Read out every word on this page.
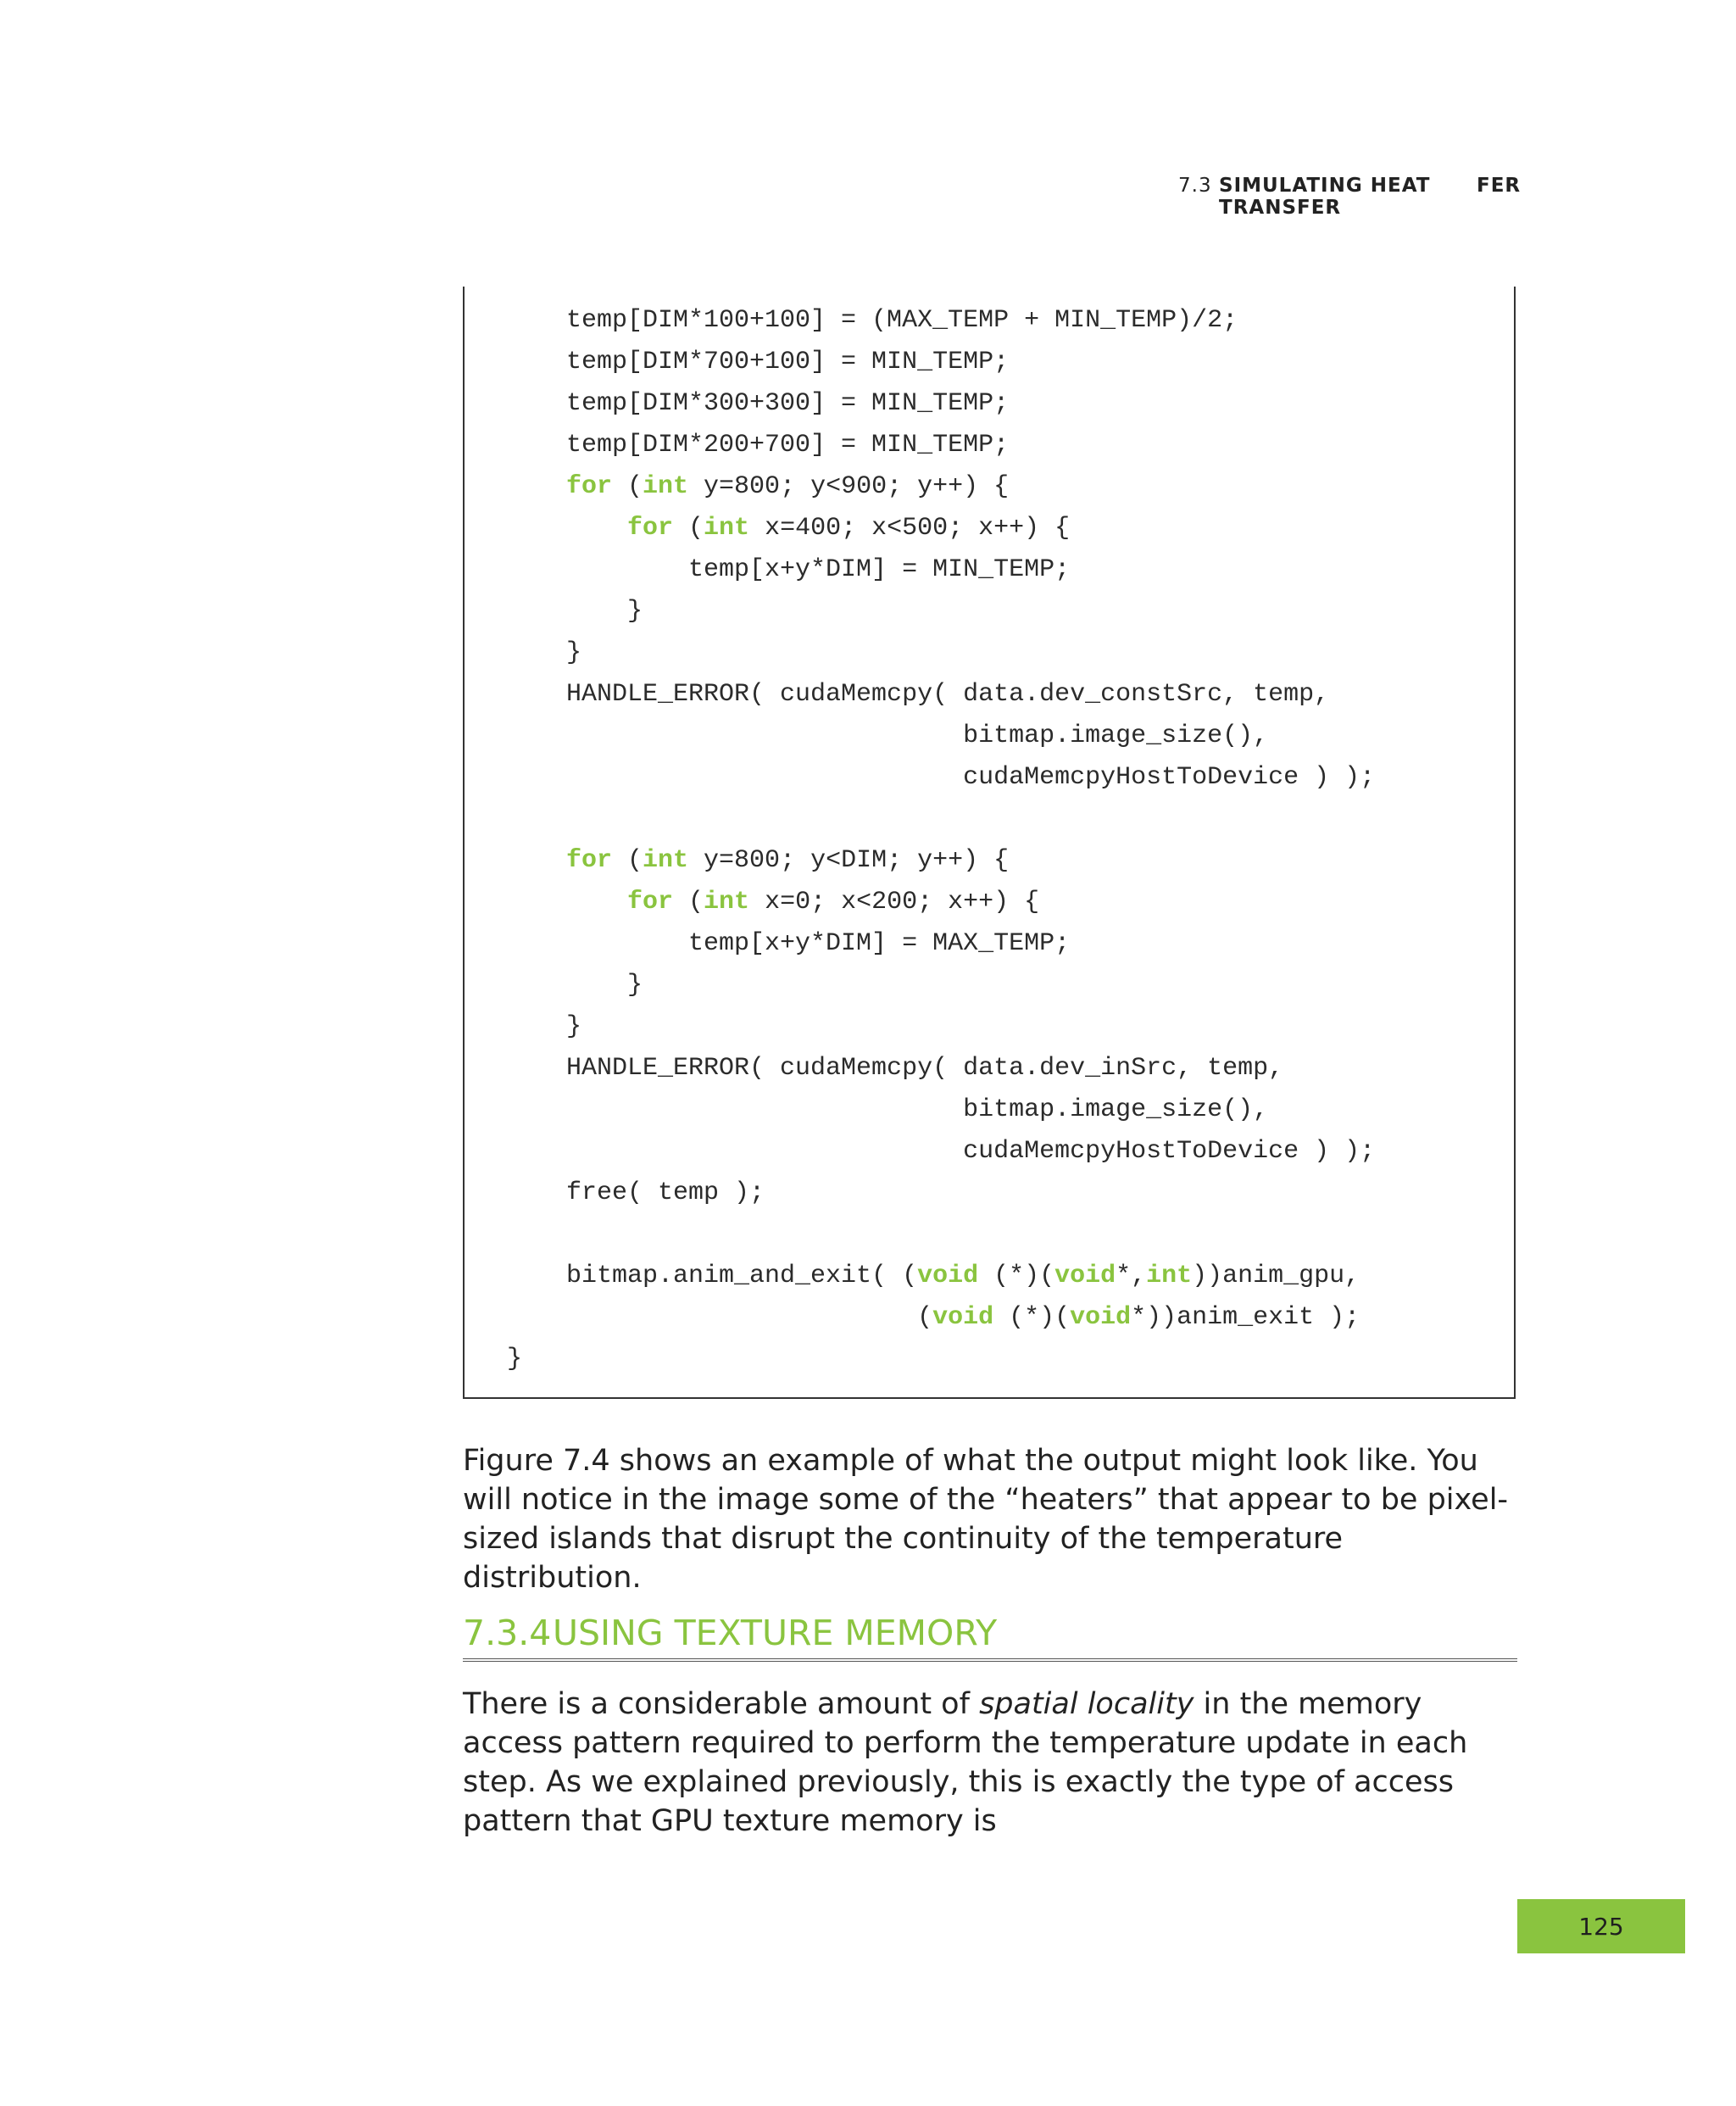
7.3 SIMULATING HEAT TRANSFER
FER
temp[DIM*100+100] = (MAX_TEMP + MIN_TEMP)/2;
temp[DIM*700+100] = MIN_TEMP;
temp[DIM*300+300] = MIN_TEMP;
temp[DIM*200+700] = MIN_TEMP;
for (int y=800; y<900; y++) {
for (int x=400; x<500; x++) {
temp[x+y*DIM] = MIN_TEMP;
}
}
HANDLE_ERROR( cudaMemcpy( data.dev_constSrc, temp,
bitmap.image_size(),
cudaMemcpyHostToDevice ) );
for (int y=800; y<DIM; y++) {
for (int x=0; x<200; x++) {
temp[x+y*DIM] = MAX_TEMP;
}
}
HANDLE_ERROR( cudaMemcpy( data.dev_inSrc, temp,
bitmap.image_size(),
cudaMemcpyHostToDevice ) );
free( temp );
bitmap.anim_and_exit( (void (*)(void*,int))anim_gpu,
(void (*)(void*))anim_exit );
}

Figure 7.4 shows an example of what the output might look like. You will notice in the image some of the “heaters” that appear to be pixel-sized islands that disrupt the continuity of the temperature distribution.

7.3.4 USING TEXTURE MEMORY

There is a considerable amount of spatial locality in the memory access pattern required to perform the temperature update in each step. As we explained previously, this is exactly the type of access pattern that GPU texture memory is

125
